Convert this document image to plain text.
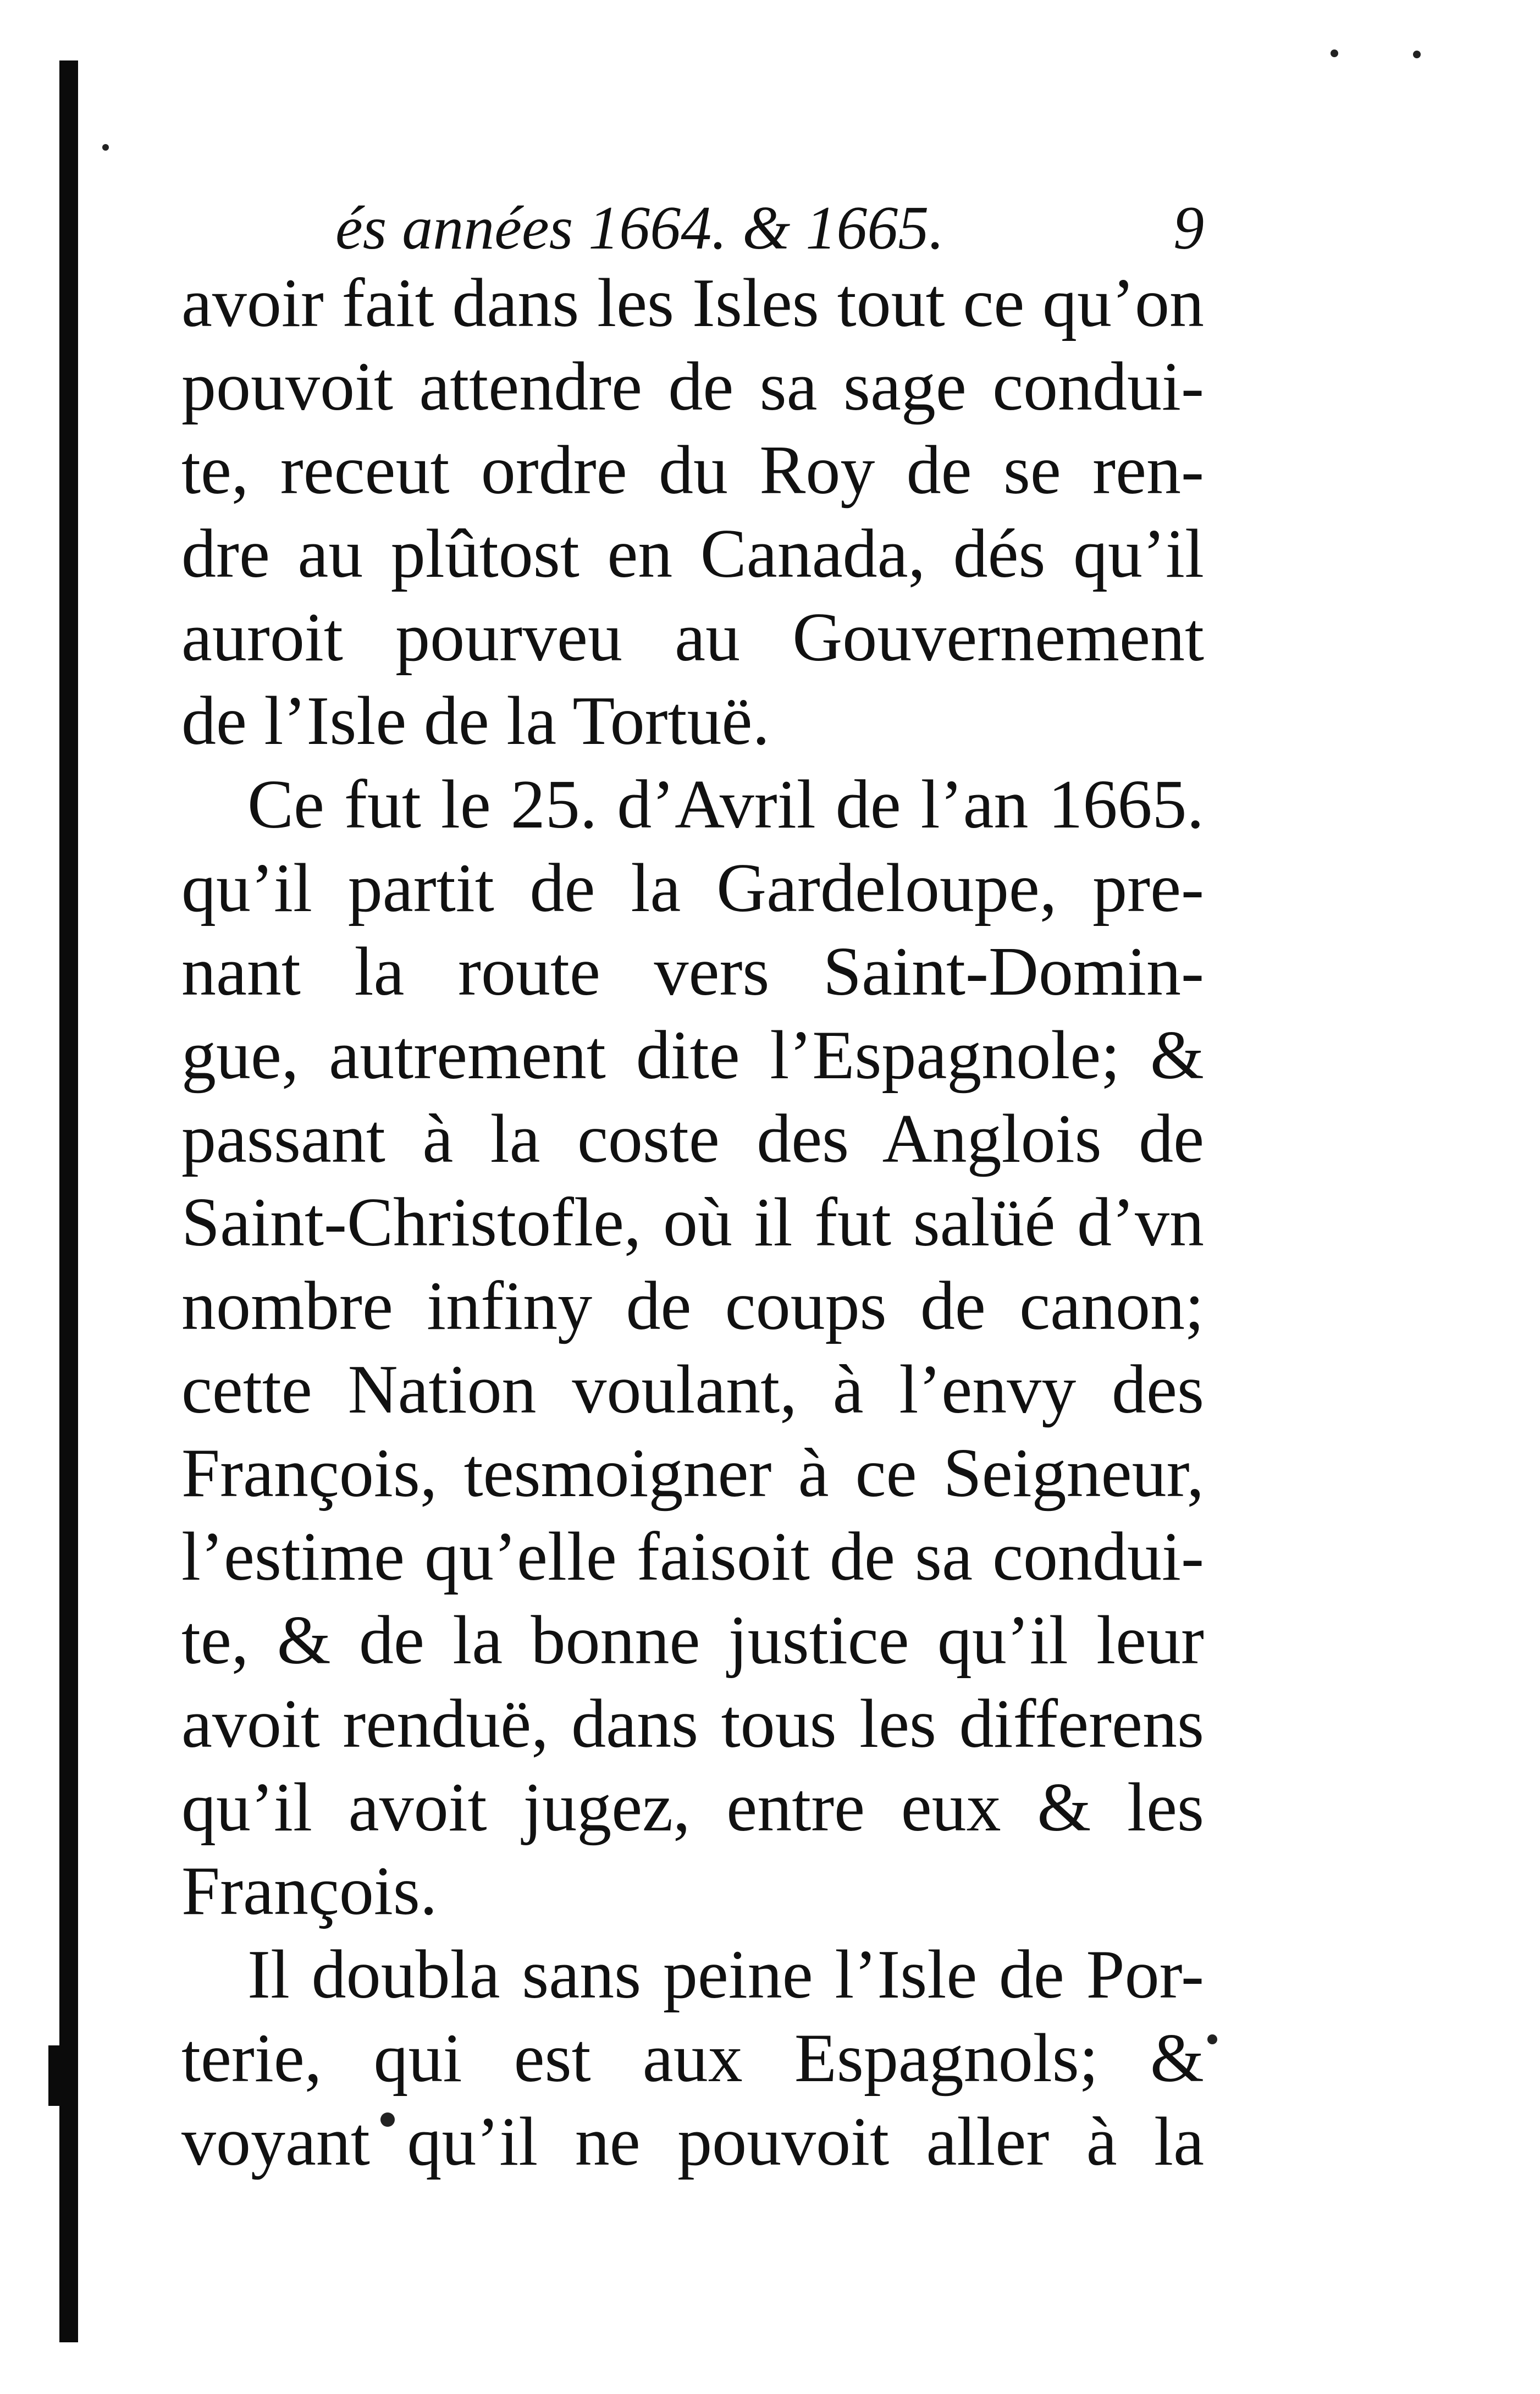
és années 1664. & 1665.	9

avoir fait dans les Isles tout ce qu’on
pouvoit attendre de sa sage condui-
te, receut ordre du Roy de se ren-
dre au plûtost en Canada, dés qu’il
auroit pourveu au Gouvernement
de l’Isle de la Tortuë.
Ce fut le 25. d’Avril de l’an 1665.
qu’il partit de la Gardeloupe, pre-
nant la route vers Saint-Domin-
gue, autrement dite l’Espagnole; &
passant à la coste des Anglois de
Saint-Christofle, où il fut salüé d’vn
nombre infiny de coups de canon;
cette Nation voulant, à l’envy des
François, tesmoigner à ce Seigneur,
l’estime qu’elle faisoit de sa condui-
te, & de la bonne justice qu’il leur
avoit renduë, dans tous les differens
qu’il avoit jugez, entre eux & les
François.
Il doubla sans peine l’Isle de Por-
terie, qui est aux Espagnols; &
voyant qu’il ne pouvoit aller à la
